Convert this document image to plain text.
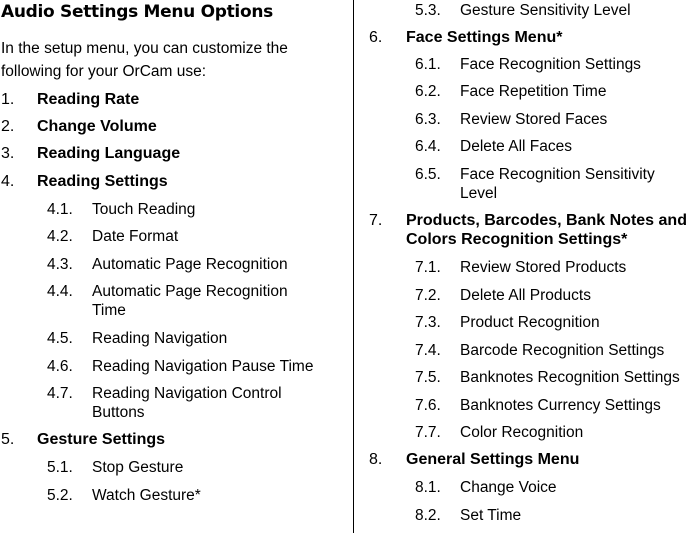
Audio Settings Menu Options
In the setup menu, you can customize the following for your OrCam use:
1. Reading Rate
2. Change Volume
3. Reading Language
4. Reading Settings
4.1. Touch Reading
4.2. Date Format
4.3. Automatic Page Recognition
4.4. Automatic Page Recognition Time
4.5. Reading Navigation
4.6. Reading Navigation Pause Time
4.7. Reading Navigation Control Buttons
5. Gesture Settings
5.1. Stop Gesture
5.2. Watch Gesture*
5.3. Gesture Sensitivity Level
6. Face Settings Menu*
6.1. Face Recognition Settings
6.2. Face Repetition Time
6.3. Review Stored Faces
6.4. Delete All Faces
6.5. Face Recognition Sensitivity Level
7. Products, Barcodes, Bank Notes and Colors Recognition Settings*
7.1. Review Stored Products
7.2. Delete All Products
7.3. Product Recognition
7.4. Barcode Recognition Settings
7.5. Banknotes Recognition Settings
7.6. Banknotes Currency Settings
7.7. Color Recognition
8. General Settings Menu
8.1. Change Voice
8.2. Set Time
